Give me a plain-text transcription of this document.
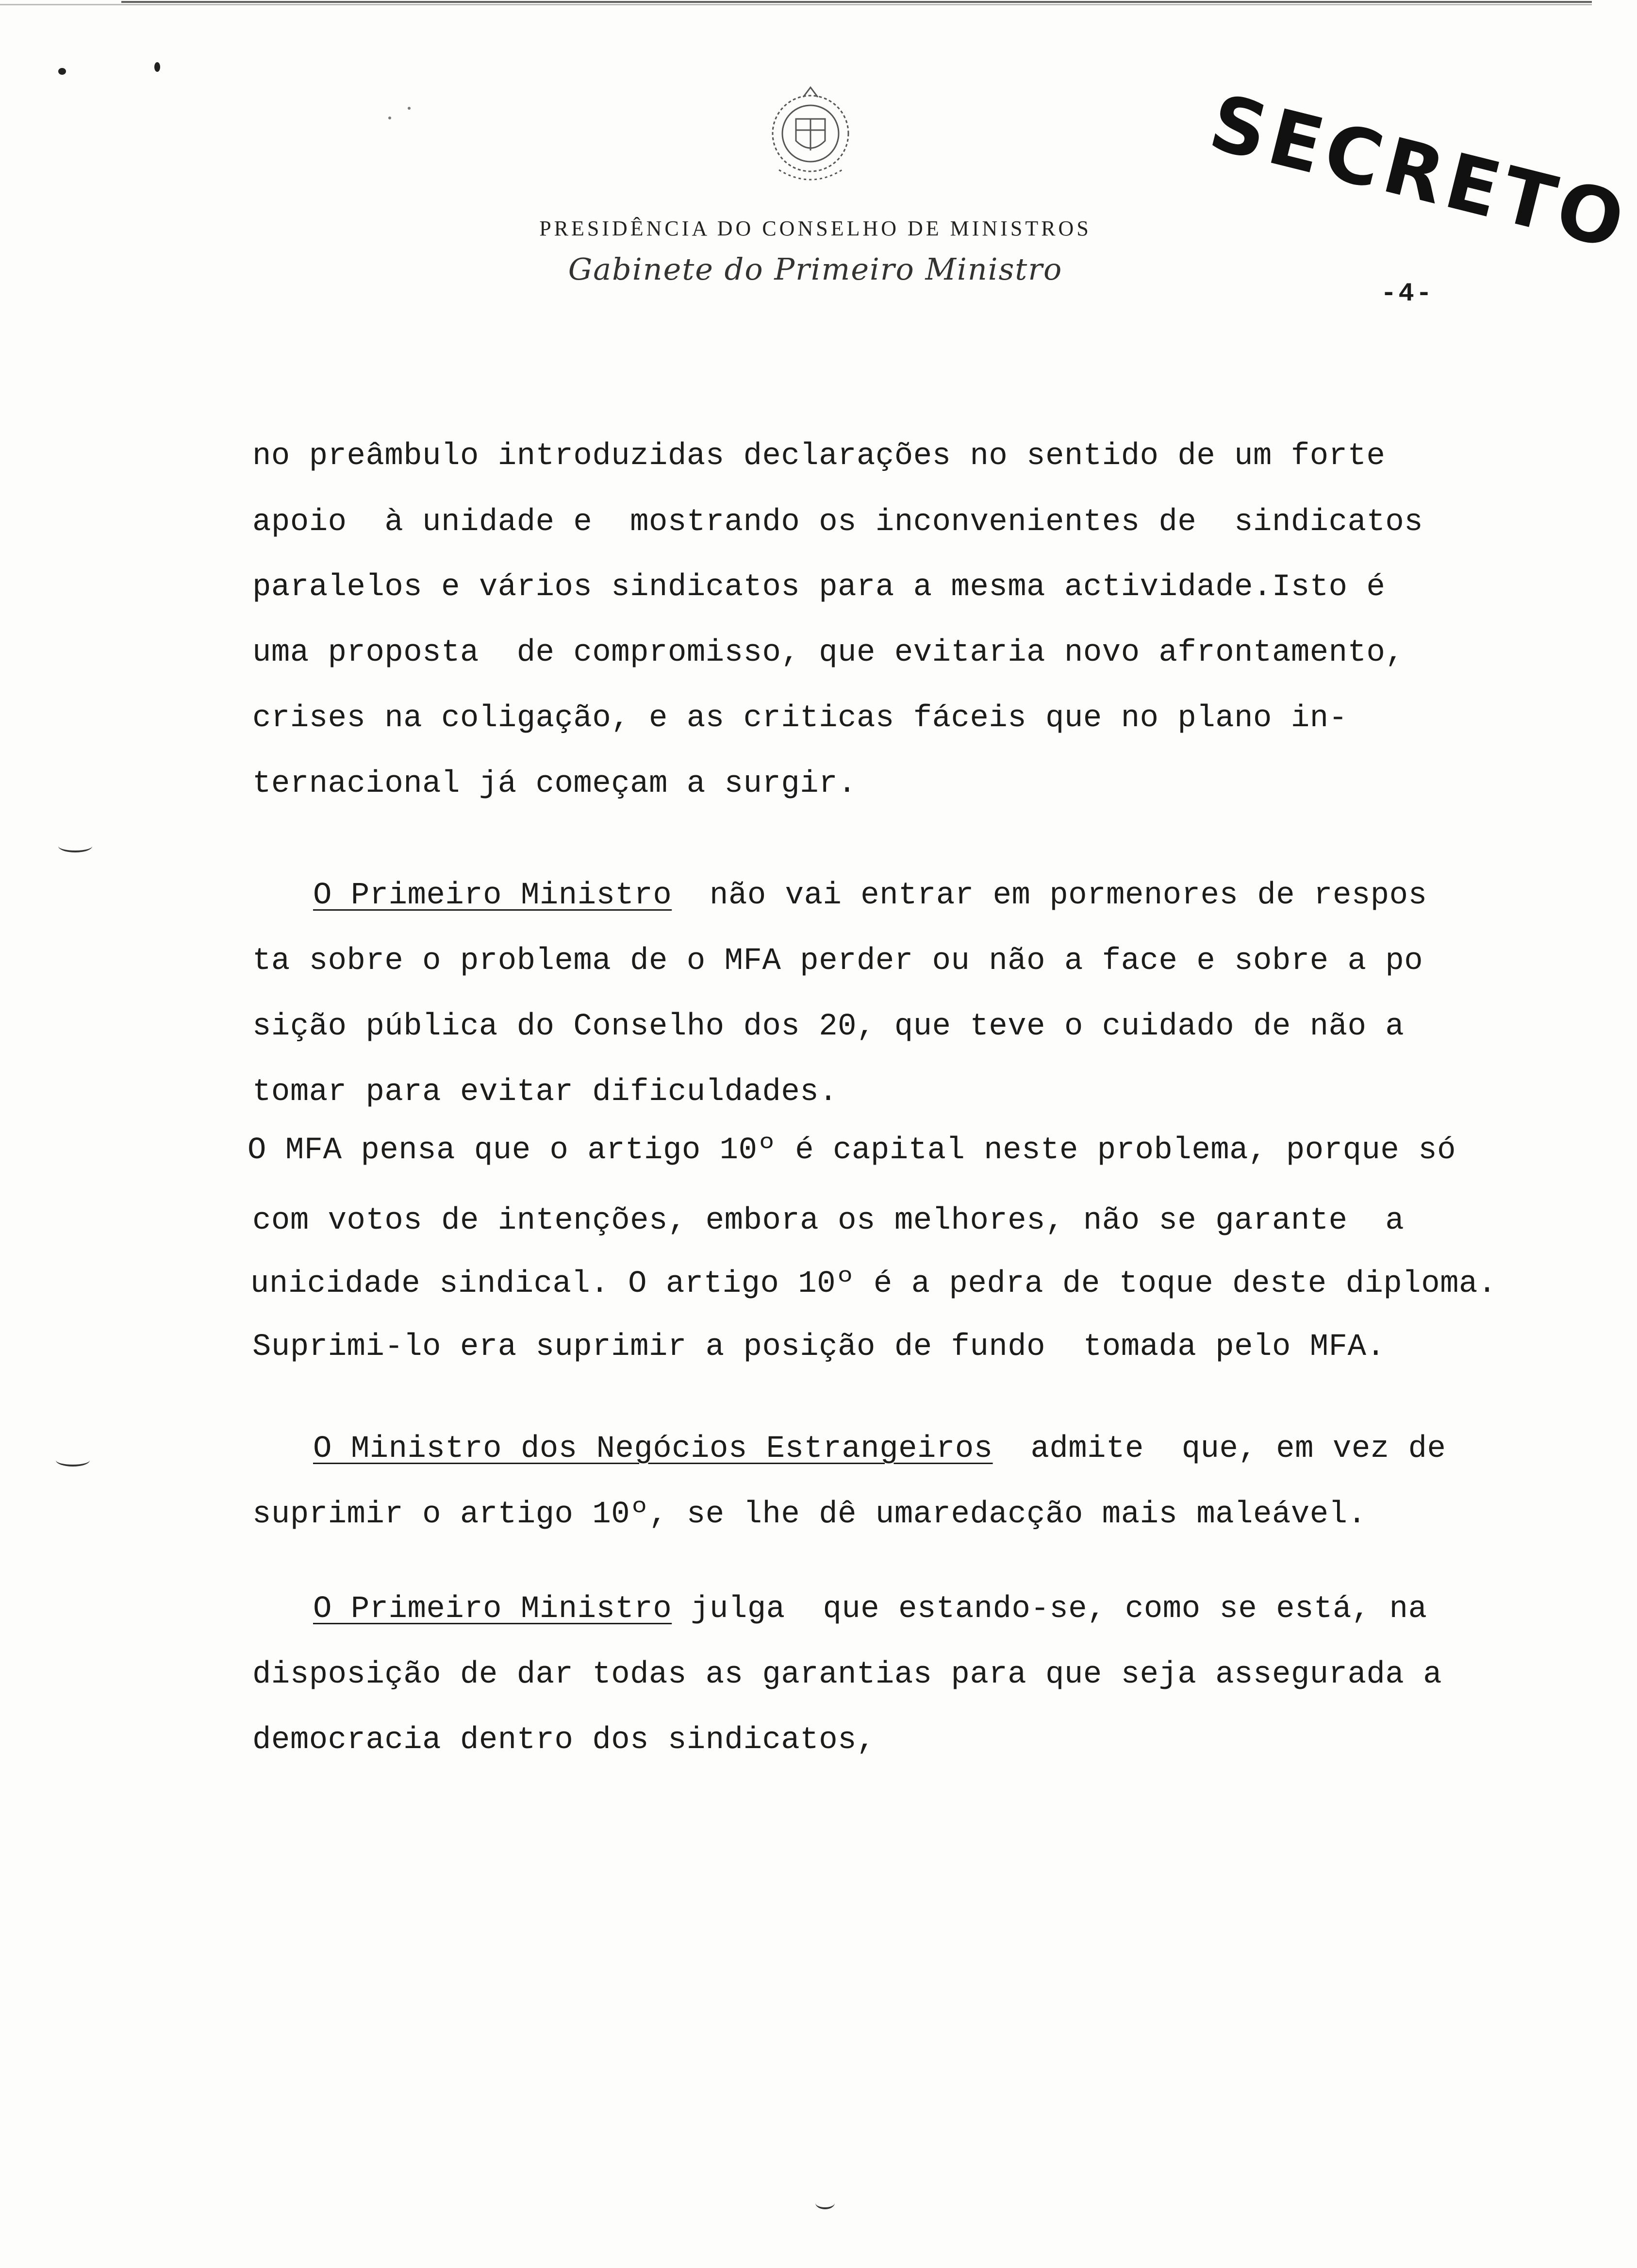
PRESIDÊNCIA DO CONSELHO DE MINISTROS
Gabinete do Primeiro Ministro
-4-
SECRETO
no preâmbulo introduzidas declarações no sentido de um forte
apoio  à unidade e  mostrando os inconvenientes de  sindicatos
paralelos e vários sindicatos para a mesma actividade.Isto é
uma proposta  de compromisso, que evitaria novo afrontamento,
crises na coligação, e as criticas fáceis que no plano in-
ternacional já começam a surgir.
O Primeiro Ministro  não vai entrar em pormenores de respos
ta sobre o problema de o MFA perder ou não a face e sobre a po
sição pública do Conselho dos 20, que teve o cuidado de não a
tomar para evitar dificuldades.
O MFA pensa que o artigo 10º é capital neste problema, porque só
com votos de intenções, embora os melhores, não se garante  a
unicidade sindical. O artigo 10º é a pedra de toque deste diploma.
Suprimi-lo era suprimir a posição de fundo  tomada pelo MFA.
O Ministro dos Negócios Estrangeiros  admite  que, em vez de
suprimir o artigo 10º, se lhe dê umaredacção mais maleável.
O Primeiro Ministro julga  que estando-se, como se está, na
disposição de dar todas as garantias para que seja assegurada a
democracia dentro dos sindicatos,
